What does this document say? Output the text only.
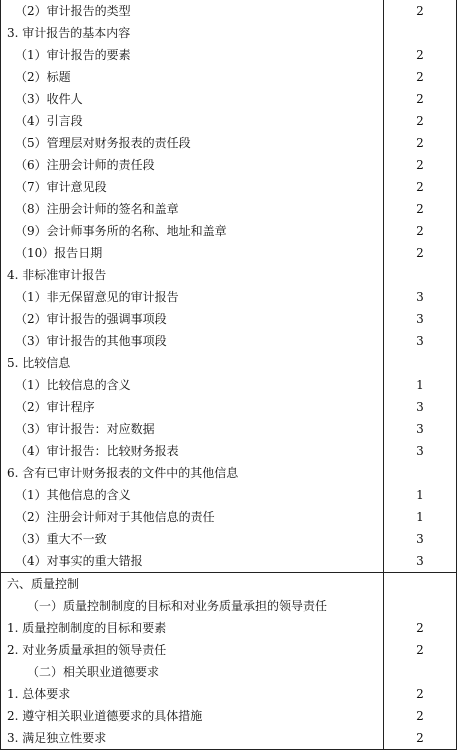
（2）审计报告的类型	2
3. 审计报告的基本内容	
（1）审计报告的要素	2
（2）标题	2
（3）收件人	2
（4）引言段	2
（5）管理层对财务报表的责任段	2
（6）注册会计师的责任段	2
（7）审计意见段	2
（8）注册会计师的签名和盖章	2
（9）会计师事务所的名称、地址和盖章	2
（10）报告日期	2
4. 非标准审计报告	
（1）非无保留意见的审计报告	3
（2）审计报告的强调事项段	3
（3）审计报告的其他事项段	3
5. 比较信息	
（1）比较信息的含义	1
（2）审计程序	3
（3）审计报告：对应数据	3
（4）审计报告：比较财务报表	3
6. 含有已审计财务报表的文件中的其他信息	
（1）其他信息的含义	1
（2）注册会计师对于其他信息的责任	1
（3）重大不一致	3
（4）对事实的重大错报	3
六、质量控制	
（一）质量控制制度的目标和对业务质量承担的领导责任	
1. 质量控制制度的目标和要素	2
2. 对业务质量承担的领导责任	2
（二）相关职业道德要求	
1. 总体要求	2
2. 遵守相关职业道德要求的具体措施	2
3. 满足独立性要求	2
